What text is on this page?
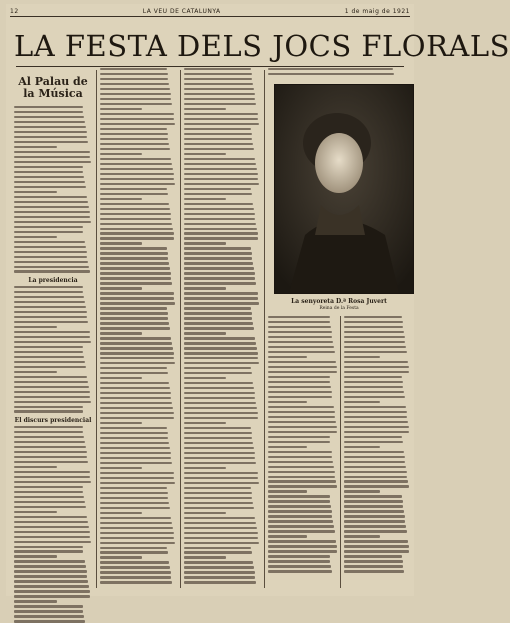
12	LA VEU DE CATALUNYA	1 de maig de 1921
LA FESTA DELS JOCS FLORALS
Al Palau de la Música
La presidencia
El discurs presidencial
La senyoreta D.ª Rosa Juvert
Reina de la Festa
